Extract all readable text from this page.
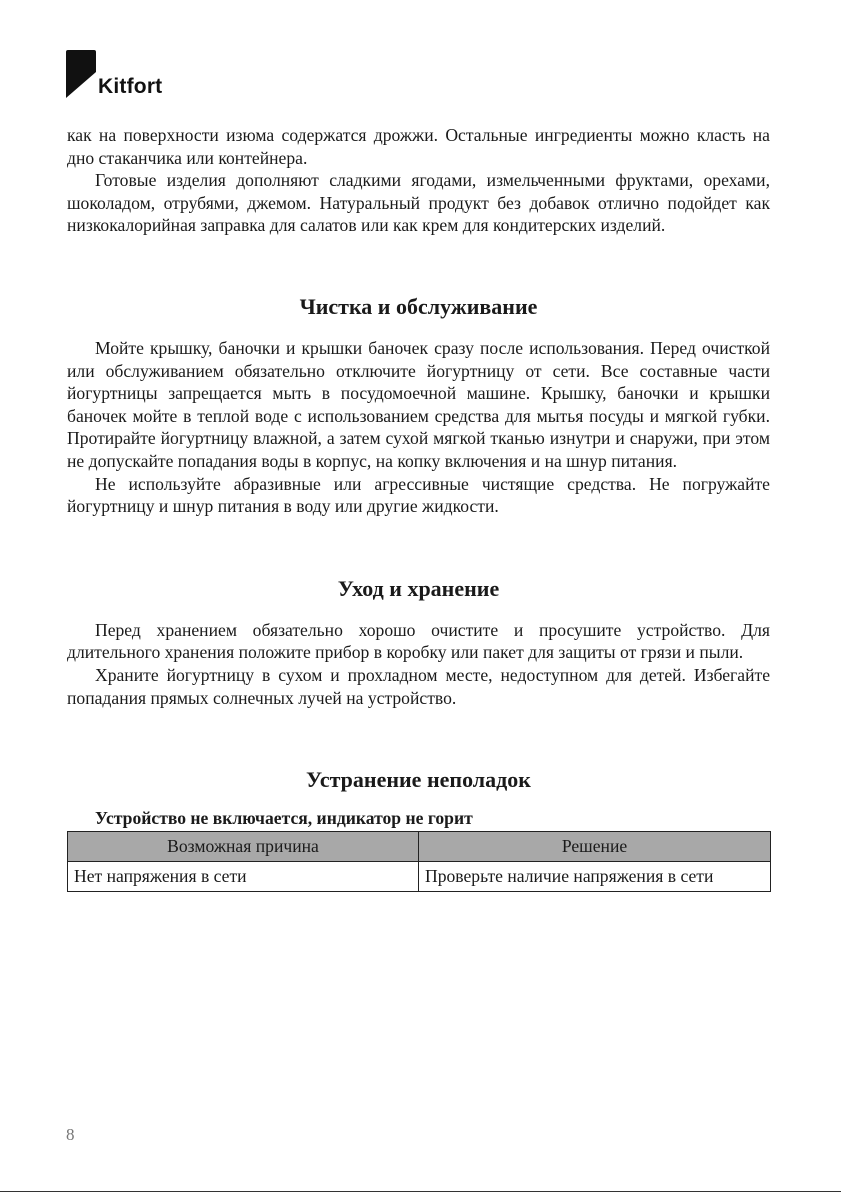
Kitfort

как на поверхности изюма содержатся дрожжи. Остальные ингредиенты можно класть на дно стаканчика или контейнера.

Готовые изделия дополняют сладкими ягодами, измельченными фруктами, орехами, шоколадом, отрубями, джемом. Натуральный продукт без добавок отлично подойдет как низкокалорийная заправка для салатов или как крем для кондитерских изделий.

Чистка и обслуживание

Мойте крышку, баночки и крышки баночек сразу после использования. Перед очисткой или обслуживанием обязательно отключите йогуртницу от сети. Все составные части йогуртницы запрещается мыть в посудомоечной машине. Крышку, баночки и крышки баночек мойте в теплой воде с использованием средства для мытья посуды и мягкой губки. Протирайте йогуртницу влажной, а затем сухой мягкой тканью изнутри и снаружи, при этом не допускайте попадания воды в корпус, на копку включения и на шнур питания.

Не используйте абразивные или агрессивные чистящие средства. Не погружайте йогуртницу и шнур питания в воду или другие жидкости.

Уход и хранение

Перед хранением обязательно хорошо очистите и просушите устройство. Для длительного хранения положите прибор в коробку или пакет для защиты от грязи и пыли.

Храните йогуртницу в сухом и прохладном месте, недоступном для детей. Избегайте попадания прямых солнечных лучей на устройство.

Устранение неполадок
Устройство не включается, индикатор не горит
Возможная причина	Решение
Нет напряжения в сети	Проверьте наличие напряжения в сети
8
